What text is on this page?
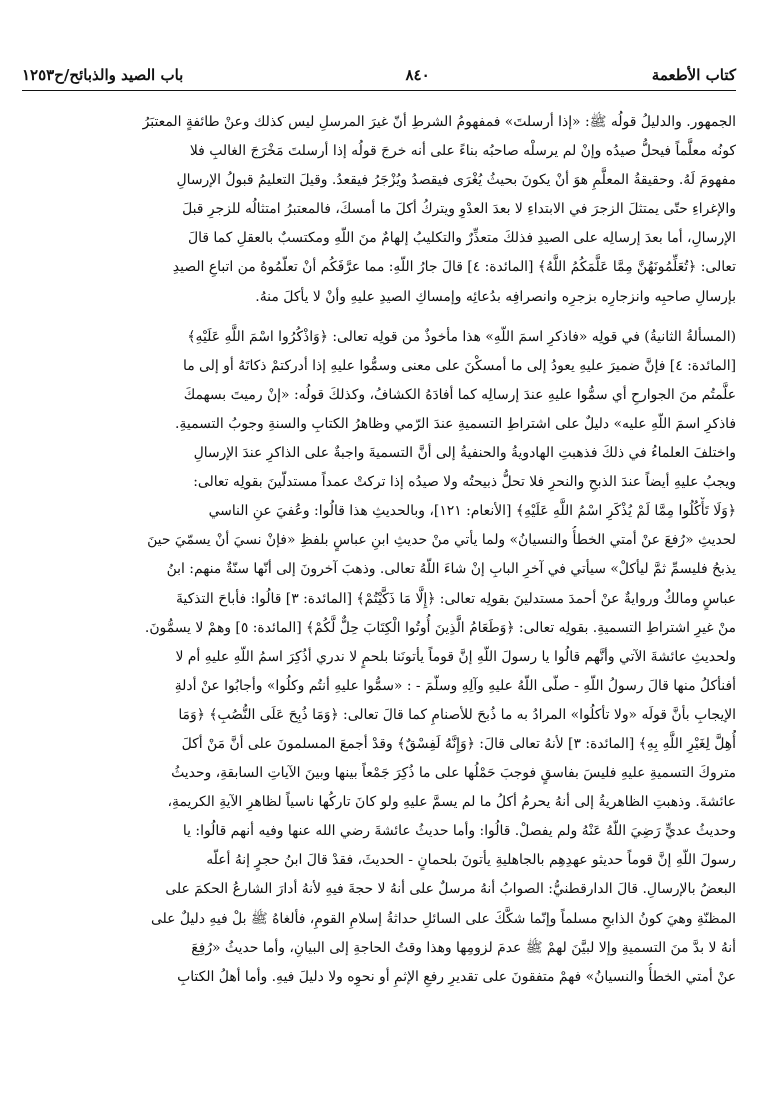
كتاب الأطعمة
٨٤٠
باب الصيد والذبائح/ح١٢٥٣
الجمهور. والدليلُ قولُه ﷺ: «إذا أرسلتَ» فمفهومُ الشرطِ أنّ غيرَ المرسلِ ليس كذلك وعنْ طائفةٍ المعتبَرُ
كونُه معلَّماً فيحلُّ صيدُه وإنْ لم يرسلْه صاحبُه بناءً على أنه خرجَ قولُه إذا أرسلتَ مَخْرَجَ الغالبِ فلا
مفهومَ لَهُ. وحقيقةُ المعلَّمِ هوَ أنْ يكونَ بحيثُ يُغْرَى فيقصدُ ويُزْجَرُ فيقعدُ. وقيلَ التعليمُ قبولُ الإرسالِ
والإغراءِ حتّى يمتثلَ الزجرَ في الابتداءِ لا بعدَ العدْوِ ويتركُ أكلَ ما أمسكَ، فالمعتبرُ امتثالُه للزجرِ قبلَ
الإرسالِ، أما بعدَ إرسالِه على الصيدِ فذلكَ متعذِّرٌ والتكليبُ إلهامٌ منَ اللّهِ ومكتسبٌ بالعقلِ كما قالَ
تعالى: ﴿تُعَلِّمُونَهُنَّ مِمَّا عَلَّمَكُمُ اللَّهُ﴾ [المائدة: ٤] قالَ جارُ اللّهِ: مما عرَّفَكُم أنْ تعلّمُوهُ من اتباعِ الصيدِ
بإرسالِ صاحبِه وانزجارِه بزجرِه وانصرافِه بدُعائِه وإمساكِ الصيدِ عليهِ وأنْ لا يأكلَ منهُ.
(المسألةُ الثانيةُ) في قولِه «فاذكرِ اسمَ اللّهِ» هذا مأخوذٌ من قولِه تعالى: ﴿وَاذْكُرُوا اسْمَ اللَّهِ عَلَيْهِ﴾
[المائدة: ٤] فإنَّ ضميرَ عليهِ يعودُ إلى ما أمسكْنَ على معنى وسمُّوا عليهِ إذا أدركتمْ ذكاتَهُ أو إلى ما
علَّمتُم منَ الجوارحِ أي سمُّوا عليهِ عندَ إرسالِه كما أفادَهُ الكشافُ، وكذلكَ قولُه: «إنْ رميتَ بسهمكَ
فاذكرِ اسمَ اللّهِ عليه» دليلٌ على اشتراطِ التسميةِ عندَ الرّمي وظاهرُ الكتابِ والسنةِ وجوبُ التسميةِ.
واختلفَ العلماءُ في ذلكَ فذهبتِ الهادويةُ والحنفيةُ إلى أنَّ التسميةَ واجبةٌ على الذاكرِ عندَ الإرسالِ
ويجبُ عليهِ أيضاً عندَ الذبحِ والنحرِ فلا تحلُّ ذبيحتُه ولا صيدُه إذا تركتْ عمداً مستدلّينَ بقولِه تعالى:
﴿وَلَا تَأْكُلُوا مِمَّا لَمْ يُذْكَرِ اسْمُ اللَّهِ عَلَيْهِ﴾ [الأنعام: ١٢١]، وبالحديثِ هذا قالُوا: وعُفيَ عنِ الناسي
لحديثِ «رُفعَ عنْ أمتي الخطأُ والنسيانُ» ولما يأتي منْ حديثِ ابنِ عباسٍ بلفظِ «فإنْ نسيَ أنْ يسمّيَ حينَ
يذبحُ فليسمِّ ثمَّ ليأكلْ» سيأتي في آخرِ البابِ إنْ شاءَ اللّهُ تعالى. وذهبَ آخرونَ إلى أنّها سنّةٌ منهم: ابنُ
عباسٍ ومالكٌ وروايةٌ عنْ أحمدَ مستدلينَ بقولِه تعالى: ﴿إِلَّا مَا ذَكَّيْتُمْ﴾ [المائدة: ٣] قالُوا: فأباحَ التذكيةَ
منْ غيرِ اشتراطِ التسميةِ. بقولِه تعالى: ﴿وَطَعَامُ الَّذِينَ أُوتُوا الْكِتَابَ حِلٌّ لَّكُمْ﴾ [المائدة: ٥] وهمْ لا يسمُّونَ.
ولحديثِ عائشةَ الآتي وأنَّهم قالُوا يا رسولَ اللّهِ إنَّ قوماً يأتونَنا بلحمٍ لا ندري أذُكِرَ اسمُ اللّهِ عليهِ أم لا
أفنأكلُ منها قالَ رسولُ اللّهِ - صلّى اللّهُ عليهِ وآلِهِ وسلّمَ - : «سمُّوا عليهِ أنتُم وكلُوا» وأجابُوا عنْ أدلةِ
الإيجابِ بأنَّ قولَه «ولا تأكلُوا» المرادُ به ما ذُبحَ للأصنامِ كما قالَ تعالى: ﴿وَمَا ذُبِحَ عَلَى النُّصُبِ﴾ ﴿وَمَا
أُهِلَّ لِغَيْرِ اللَّهِ بِهِ﴾ [المائدة: ٣] لأنهُ تعالى قالَ: ﴿وَإِنَّهُ لَفِسْقٌ﴾ وقدْ أجمعَ المسلمونَ على أنَّ مَنْ أكلَ
متروكَ التسميةِ عليهِ فليسَ بفاسقٍ فوجبَ حَمْلُها على ما ذُكِرَ جَمْعاً بينها وبينَ الآياتِ السابقةِ، وحديثُ
عائشةَ. وذهبتِ الظاهريةُ إلى أنهُ يحرمُ أكلُ ما لم يسمَّ عليهِ ولو كانَ تاركُها ناسياً لظاهرِ الآيةِ الكريمةِ،
وحديثُ عديٍّ رَضِيَ اللّهُ عَنْهُ ولم يفصلْ. قالُوا: وأما حديثُ عائشةَ رضي الله عنها وفيه أنهم قالُوا: يا
رسولَ اللّهِ إنَّ قوماً حديثو عهدِهِم بالجاهليةِ يأتونَ بلحمانٍ - الحديثَ، فقدْ قالَ ابنُ حجرٍ إنهُ أعلّه
البعضُ بالإرسالِ. قالَ الدارقطنيُّ: الصوابُ أنهُ مرسلٌ على أنهُ لا حجةَ فيهِ لأنهُ أدارَ الشارعُ الحكمَ على
المظنّةِ وهيَ كونُ الذابحِ مسلماً وإنّما شكَّكَ على السائلِ حداثةُ إسلامِ القومِ، فألغاهُ ﷺ بلْ فيهِ دليلٌ على
أنهُ لا بدَّ منَ التسميةِ وإلا لبيَّنَ لهمْ ﷺ عدمَ لزومِها وهذا وقتُ الحاجةِ إلى البيانِ، وأما حديثُ «رُفِعَ
عنْ أمتي الخطأُ والنسيانُ» فهمْ متفقونَ على تقديرِ رفعِ الإثمِ أو نحوِه ولا دليلَ فيهِ. وأما أهلُ الكتابِ
